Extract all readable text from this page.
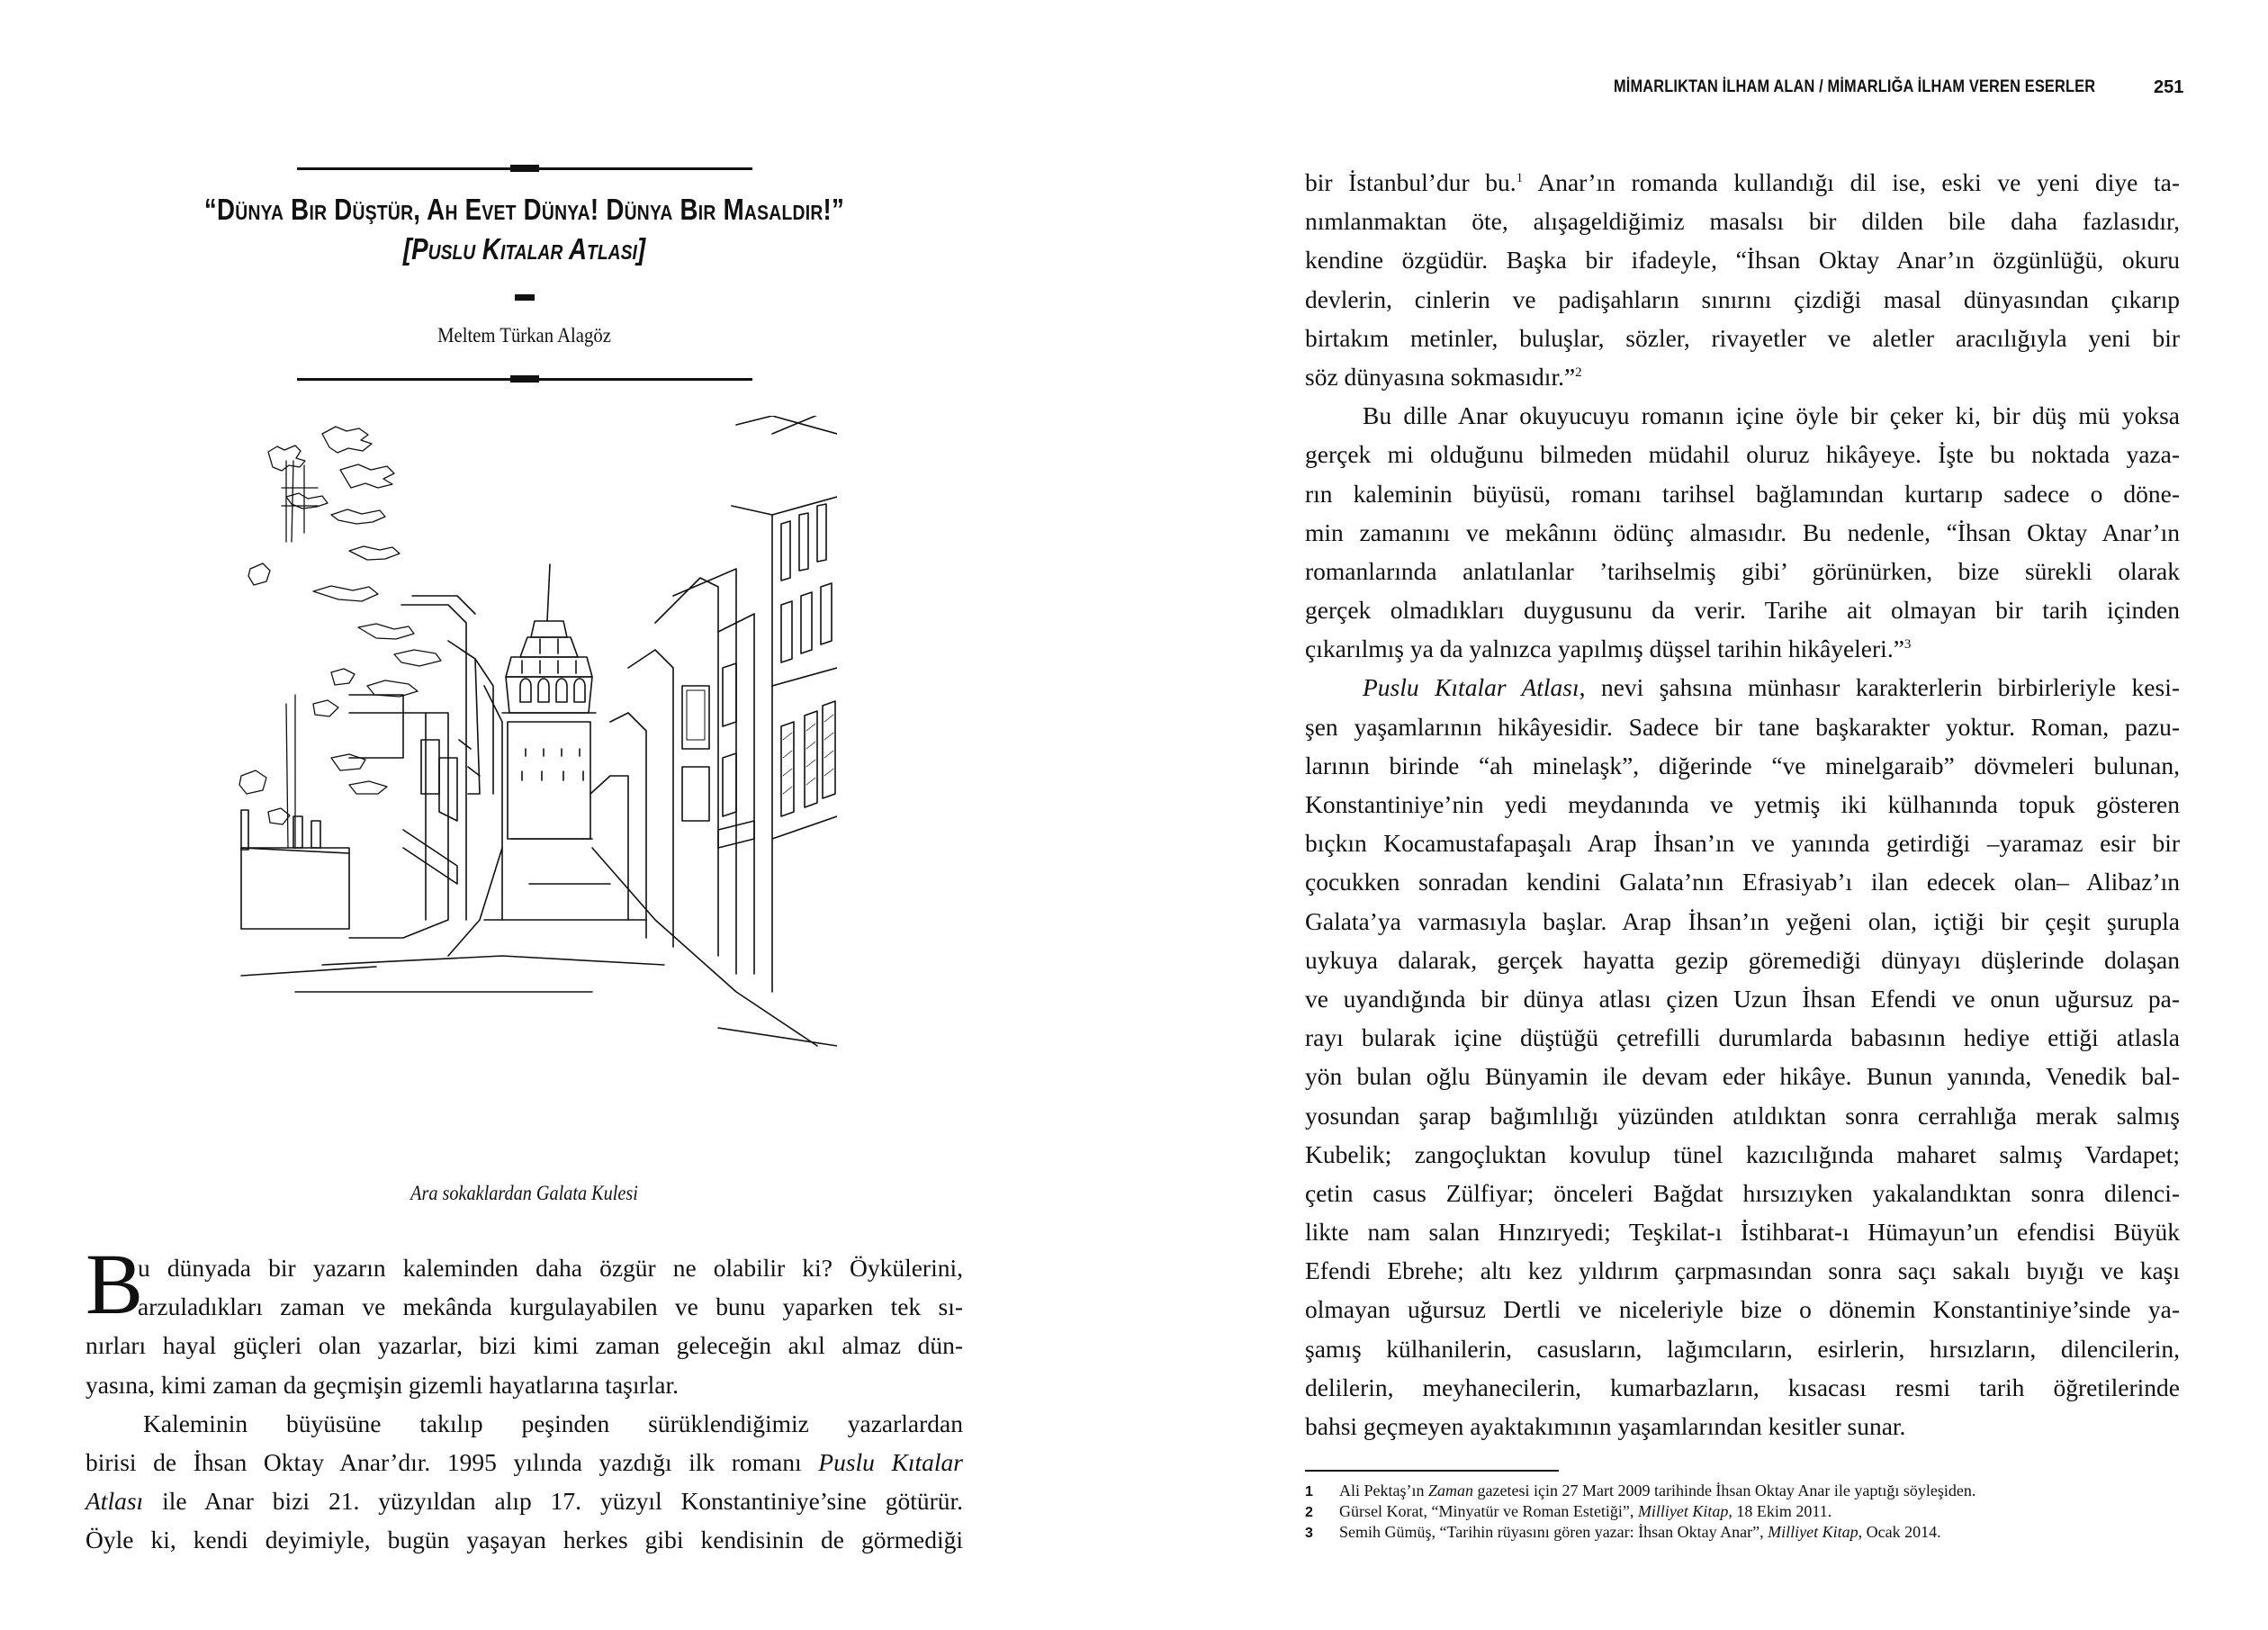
MİMARLIKTAN İLHAM ALAN / MİMARLIĞA İLHAM VEREN ESERLER	251
“Dünya Bir Düştür, Ah Evet Dünya! Dünya Bir Masaldır!”
[Puslu Kıtalar Atlası]
Meltem Türkan Alagöz
Ara sokaklardan Galata Kulesi
B
u dünyada bir yazarın kaleminden daha özgür ne olabilir ki? Öykülerini,
arzuladıkları zaman ve mekânda kurgulayabilen ve bunu yaparken tek sı-
nırları hayal güçleri olan yazarlar, bizi kimi zaman geleceğin akıl almaz dün-
yasına, kimi zaman da geçmişin gizemli hayatlarına taşırlar.
Kaleminin büyüsüne takılıp peşinden sürüklendiğimiz yazarlardan
birisi de İhsan Oktay Anar’dır. 1995 yılında yazdığı ilk romanı Puslu Kıtalar
Atlası ile Anar bizi 21. yüzyıldan alıp 17. yüzyıl Konstantiniye’sine götürür.
Öyle ki, kendi deyimiyle, bugün yaşayan herkes gibi kendisinin de görmediği
bir İstanbul’dur bu.$^1$ Anar’ın romanda kullandığı dil ise, eski ve yeni diye ta-
nımlanmaktan öte, alışageldiğimiz masalsı bir dilden bile daha fazlasıdır,
kendine özgüdür. Başka bir ifadeyle, “İhsan Oktay Anar’ın özgünlüğü, okuru
devlerin, cinlerin ve padişahların sınırını çizdiği masal dünyasından çıkarıp
birtakım metinler, buluşlar, sözler, rivayetler ve aletler aracılığıyla yeni bir
söz dünyasına sokmasıdır.”$^2$
Bu dille Anar okuyucuyu romanın içine öyle bir çeker ki, bir düş mü yoksa
gerçek mi olduğunu bilmeden müdahil oluruz hikâyeye. İşte bu noktada yaza-
rın kaleminin büyüsü, romanı tarihsel bağlamından kurtarıp sadece o döne-
min zamanını ve mekânını ödünç almasıdır. Bu nedenle, “İhsan Oktay Anar’ın
romanlarında anlatılanlar ’tarihselmiş gibi’ görünürken, bize sürekli olarak
gerçek olmadıkları duygusunu da verir. Tarihe ait olmayan bir tarih içinden
çıkarılmış ya da yalnızca yapılmış düşsel tarihin hikâyeleri.”$^3$
Puslu Kıtalar Atlası, nevi şahsına münhasır karakterlerin birbirleriyle kesi-
şen yaşamlarının hikâyesidir. Sadece bir tane başkarakter yoktur. Roman, pazu-
larının birinde “ah minelaşk”, diğerinde “ve minelgaraib” dövmeleri bulunan,
Konstantiniye’nin yedi meydanında ve yetmiş iki külhanında topuk gösteren
bıçkın Kocamustafapaşalı Arap İhsan’ın ve yanında getirdiği –yaramaz esir bir
çocukken sonradan kendini Galata’nın Efrasiyab’ı ilan edecek olan– Alibaz’ın
Galata’ya varmasıyla başlar. Arap İhsan’ın yeğeni olan, içtiği bir çeşit şurupla
uykuya dalarak, gerçek hayatta gezip göremediği dünyayı düşlerinde dolaşan
ve uyandığında bir dünya atlası çizen Uzun İhsan Efendi ve onun uğursuz pa-
rayı bularak içine düştüğü çetrefilli durumlarda babasının hediye ettiği atlasla
yön bulan oğlu Bünyamin ile devam eder hikâye. Bunun yanında, Venedik bal-
yosundan şarap bağımlılığı yüzünden atıldıktan sonra cerrahlığa merak salmış
Kubelik; zangoçluktan kovulup tünel kazıcılığında maharet salmış Vardapet;
çetin casus Zülfiyar; önceleri Bağdat hırsızıyken yakalandıktan sonra dilenci-
likte nam salan Hınzıryedi; Teşkilat-ı İstihbarat-ı Hümayun’un efendisi Büyük
Efendi Ebrehe; altı kez yıldırım çarpmasından sonra saçı sakalı bıyığı ve kaşı
olmayan uğursuz Dertli ve niceleriyle bize o dönemin Konstantiniye’sinde ya-
şamış külhanilerin, casusların, lağımcıların, esirlerin, hırsızların, dilencilerin,
delilerin, meyhanecilerin, kumarbazların, kısacası resmi tarih öğretilerinde
bahsi geçmeyen ayaktakımının yaşamlarından kesitler sunar.
1 Ali Pektaş’ın Zaman gazetesi için 27 Mart 2009 tarihinde İhsan Oktay Anar ile yaptığı söyleşiden.
2 Gürsel Korat, “Minyatür ve Roman Estetiği”, Milliyet Kitap, 18 Ekim 2011.
3 Semih Gümüş, “Tarihin rüyasını gören yazar: İhsan Oktay Anar”, Milliyet Kitap, Ocak 2014.
